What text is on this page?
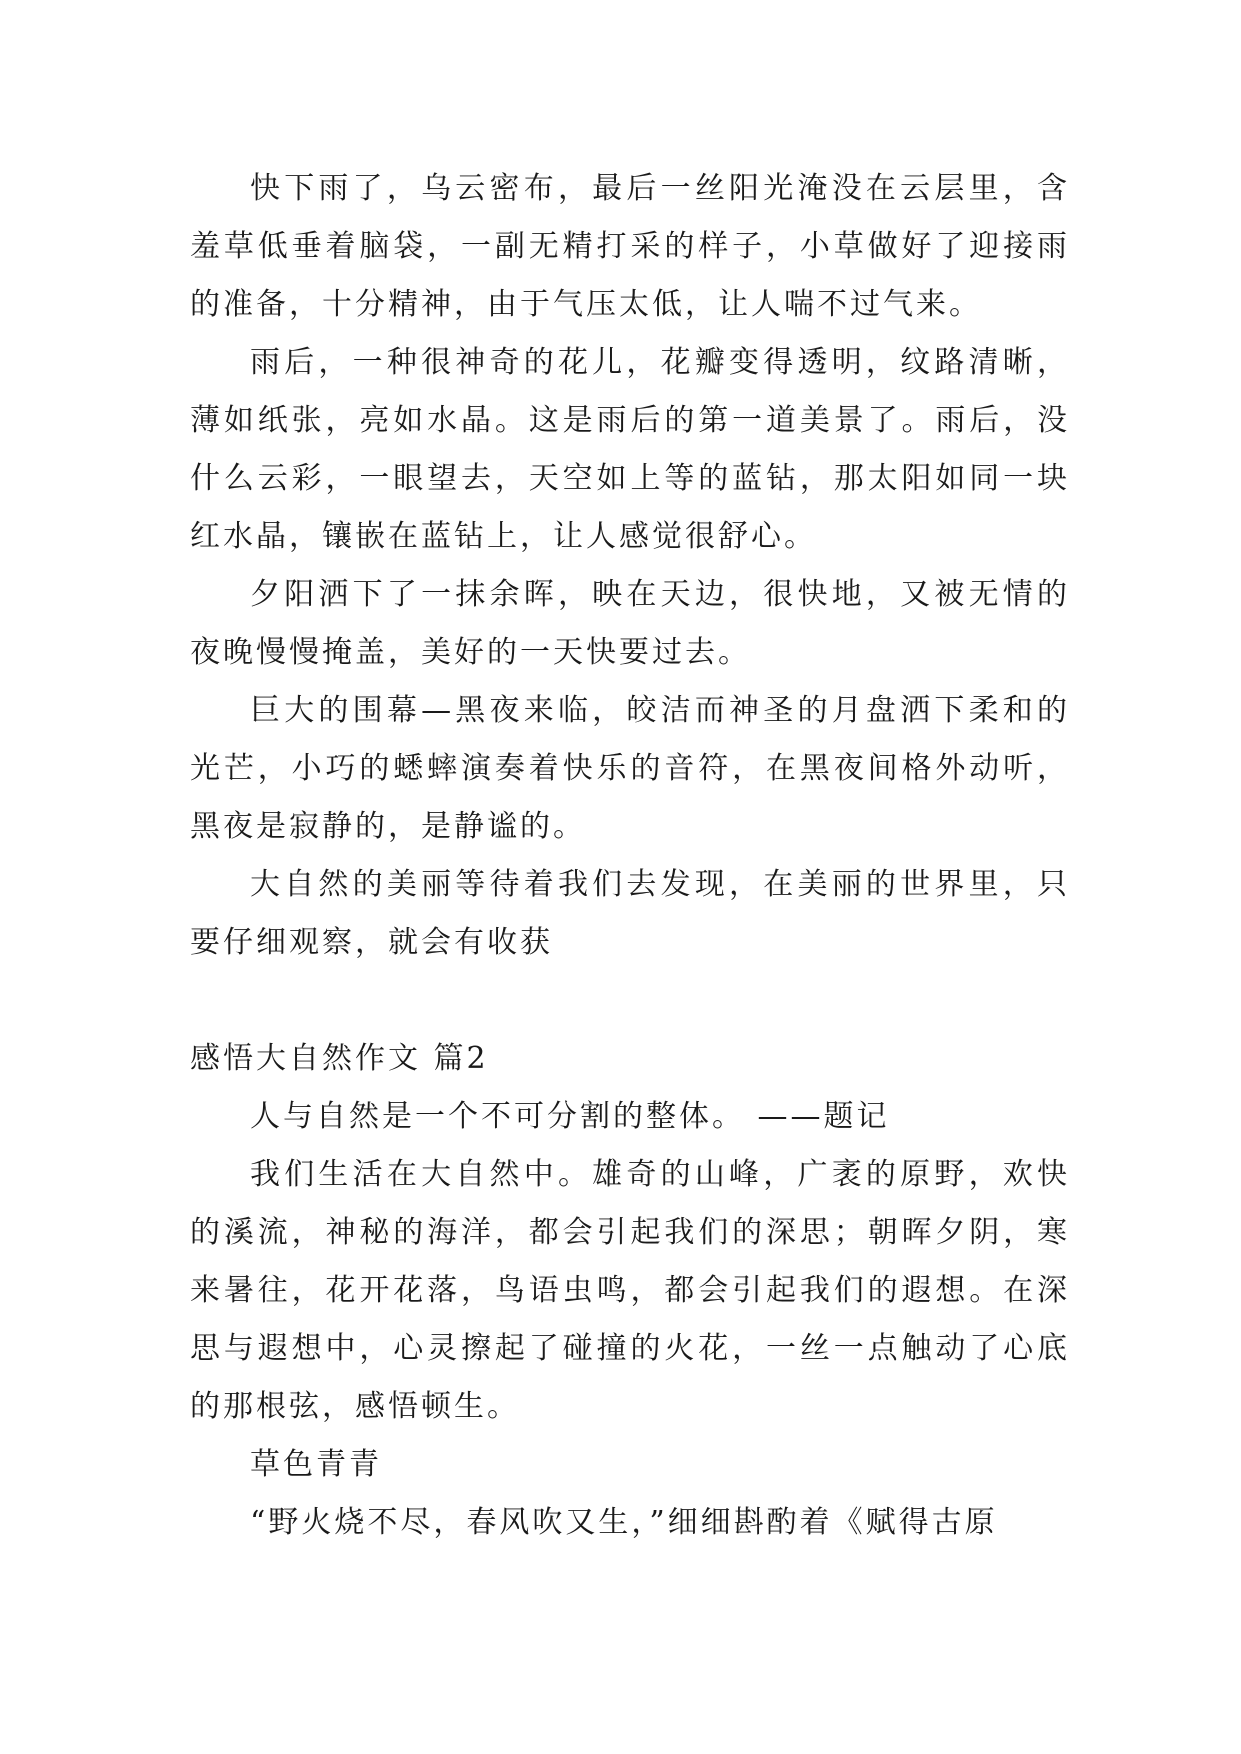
快下雨了，乌云密布，最后一丝阳光淹没在云层里，含羞草低垂着脑袋，一副无精打采的样子，小草做好了迎接雨的准备，十分精神，由于气压太低，让人喘不过气来。

雨后，一种很神奇的花儿，花瓣变得透明，纹路清晰，薄如纸张，亮如水晶。这是雨后的第一道美景了。雨后，没什么云彩，一眼望去，天空如上等的蓝钻，那太阳如同一块红水晶，镶嵌在蓝钻上，让人感觉很舒心。

夕阳洒下了一抹余晖，映在天边，很快地，又被无情的夜晚慢慢掩盖，美好的一天快要过去。

巨大的围幕—黑夜来临，皎洁而神圣的月盘洒下柔和的光芒，小巧的蟋蟀演奏着快乐的音符，在黑夜间格外动听，黑夜是寂静的，是静谧的。

大自然的美丽等待着我们去发现，在美丽的世界里，只要仔细观察，就会有收获

感悟大自然作文 篇2

人与自然是一个不可分割的整体。 ——题记

我们生活在大自然中。雄奇的山峰，广袤的原野，欢快的溪流，神秘的海洋，都会引起我们的深思；朝晖夕阴，寒来暑往，花开花落，鸟语虫鸣，都会引起我们的遐想。在深思与遐想中，心灵擦起了碰撞的火花，一丝一点触动了心底的那根弦，感悟顿生。

草色青青

“野火烧不尽，春风吹又生，”细细斟酌着《赋得古原
